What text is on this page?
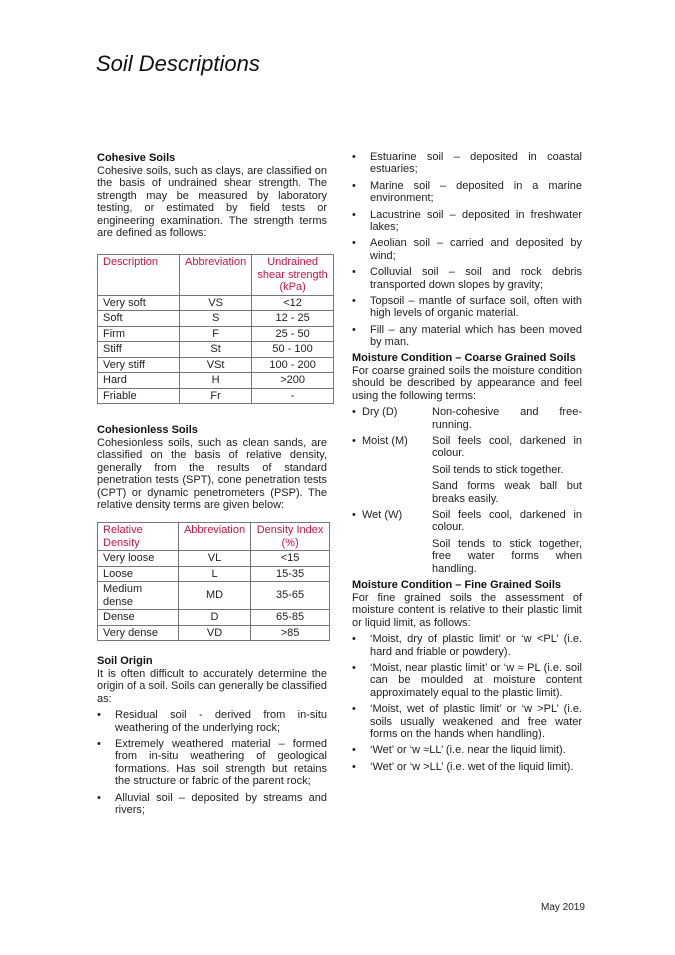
Soil Descriptions
Cohesive Soils

Cohesive soils, such as clays, are classified on the basis of undrained shear strength. The strength may be measured by laboratory testing, or estimated by field tests or engineering examination. The strength terms are defined as follows:

Description	Abbreviation	Undrained shear strength (kPa)
Very soft	VS	<12
Soft	S	12 - 25
Firm	F	25 - 50
Stiff	St	50 - 100
Very stiff	VSt	100 - 200
Hard	H	>200
Friable	Fr	-
Cohesionless Soils

Cohesionless soils, such as clean sands, are classified on the basis of relative density, generally from the results of standard penetration tests (SPT), cone penetration tests (CPT) or dynamic penetrometers (PSP). The relative density terms are given below:

Relative Density	Abbreviation	Density Index (%)
Very loose	VL	<15
Loose	L	15-35
Medium dense	MD	35-65
Dense	D	65-85
Very dense	VD	>85
Soil Origin

It is often difficult to accurately determine the origin of a soil. Soils can generally be classified as:

• Residual soil - derived from in-situ weathering of the underlying rock;
• Extremely weathered material – formed from in-situ weathering of geological formations. Has soil strength but retains the structure or fabric of the parent rock;
• Alluvial soil – deposited by streams and rivers;
• Estuarine soil – deposited in coastal estuaries;
• Marine soil – deposited in a marine environment;
• Lacustrine soil – deposited in freshwater lakes;
• Aeolian soil – carried and deposited by wind;
• Colluvial soil – soil and rock debris transported down slopes by gravity;
• Topsoil – mantle of surface soil, often with high levels of organic material.
• Fill – any material which has been moved by man.
Moisture Condition – Coarse Grained Soils

For coarse grained soils the moisture condition should be described by appearance and feel using the following terms:

• Dry (D)	Non-cohesive and free-running.
• Moist (M)	Soil feels cool, darkened in colour.
Soil tends to stick together.
Sand forms weak ball but breaks easily.
• Wet (W)	Soil feels cool, darkened in colour.
Soil tends to stick together, free water forms when handling.
Moisture Condition – Fine Grained Soils

For fine grained soils the assessment of moisture content is relative to their plastic limit or liquid limit, as follows:

• ‘Moist, dry of plastic limit’ or ‘w <PL’ (i.e. hard and friable or powdery).
• ‘Moist, near plastic limit’ or ‘w ≈ PL (i.e. soil can be moulded at moisture content approximately equal to the plastic limit).
• ‘Moist, wet of plastic limit’ or ‘w >PL’ (i.e. soils usually weakened and free water forms on the hands when handling).
• ‘Wet’ or ‘w ≈LL’ (i.e. near the liquid limit).
• ‘Wet’ or ‘w >LL’ (i.e. wet of the liquid limit).
May 2019
